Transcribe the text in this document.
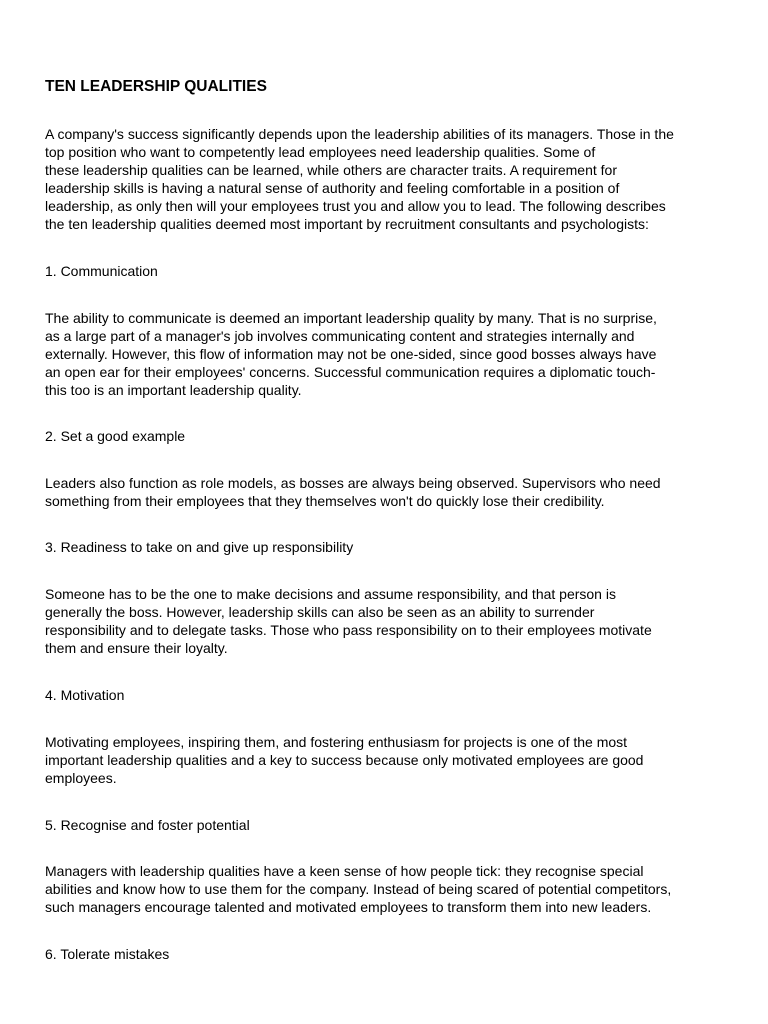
TEN LEADERSHIP QUALITIES

A company's success significantly depends upon the leadership abilities of its managers. Those in the
top position who want to competently lead employees need leadership qualities. Some of
these leadership qualities can be learned, while others are character traits. A requirement for
leadership skills is having a natural sense of authority and feeling comfortable in a position of
leadership, as only then will your employees trust you and allow you to lead. The following describes
the ten leadership qualities deemed most important by recruitment consultants and psychologists:

1. Communication

The ability to communicate is deemed an important leadership quality by many. That is no surprise,
as a large part of a manager's job involves communicating content and strategies internally and
externally. However, this flow of information may not be one-sided, since good bosses always have
an open ear for their employees' concerns. Successful communication requires a diplomatic touch-
this too is an important leadership quality.

2. Set a good example

Leaders also function as role models, as bosses are always being observed. Supervisors who need
something from their employees that they themselves won't do quickly lose their credibility.

3. Readiness to take on and give up responsibility

Someone has to be the one to make decisions and assume responsibility, and that person is
generally the boss. However, leadership skills can also be seen as an ability to surrender
responsibility and to delegate tasks. Those who pass responsibility on to their employees motivate
them and ensure their loyalty.

4. Motivation

Motivating employees, inspiring them, and fostering enthusiasm for projects is one of the most
important leadership qualities and a key to success because only motivated employees are good
employees.

5. Recognise and foster potential

Managers with leadership qualities have a keen sense of how people tick: they recognise special
abilities and know how to use them for the company. Instead of being scared of potential competitors,
such managers encourage talented and motivated employees to transform them into new leaders.

6. Tolerate mistakes
